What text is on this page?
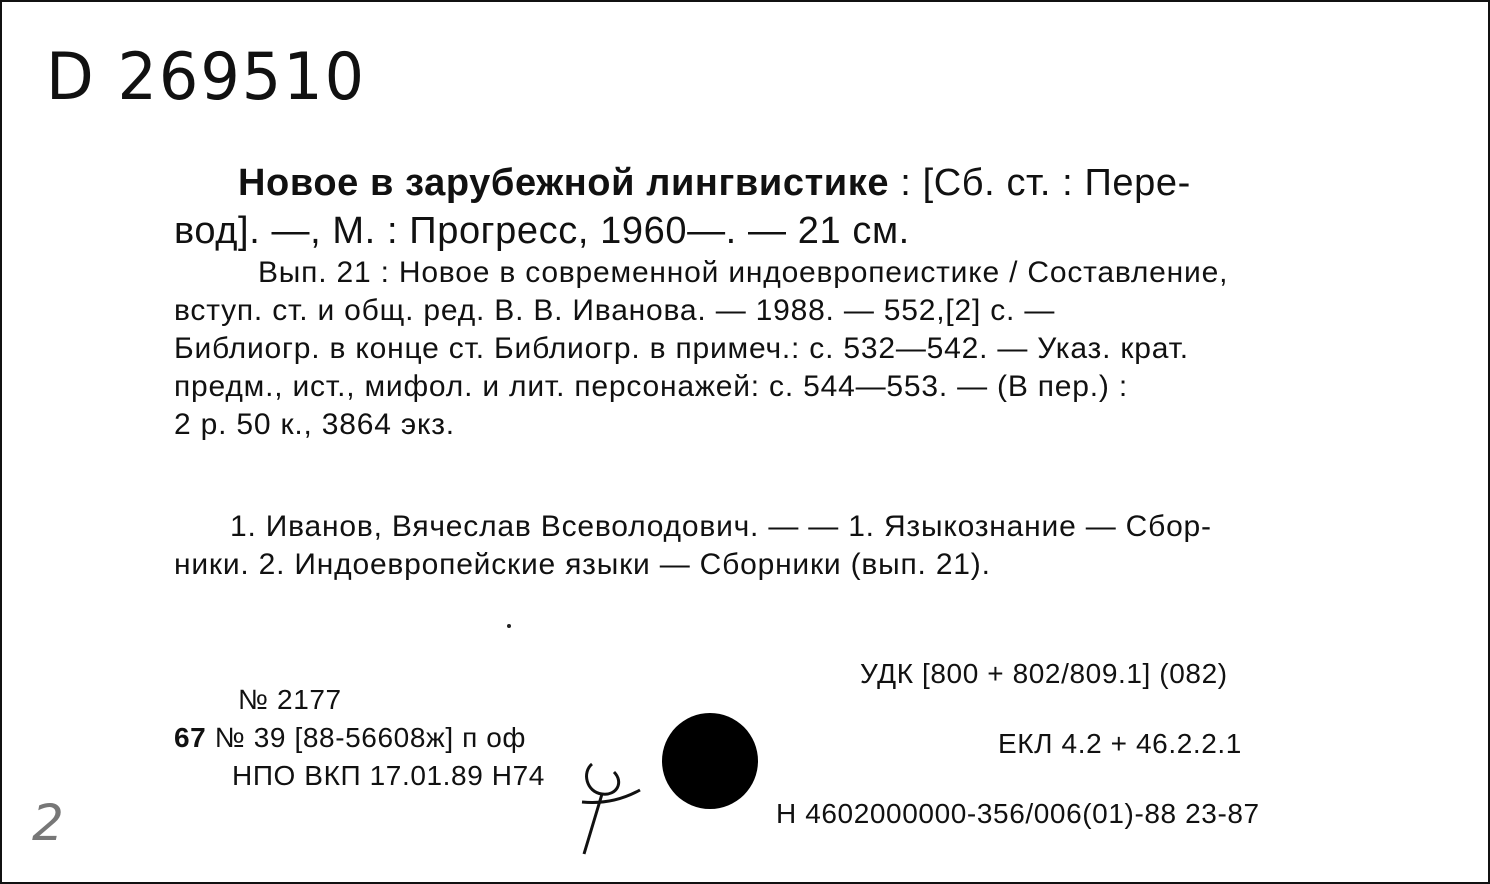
D 269510
Новое в зарубежной лингвистике : [Сб. ст. : Пере-
вод]. —, М. : Прогресс, 1960—. — 21 см.
Вып. 21 : Новое в современной индоевропеистике / Составление,
вступ. ст. и общ. ред. В. В. Иванова. — 1988. — 552,[2] с. —
Библиогр. в конце ст. Библиогр. в примеч.: с. 532—542. — Указ. крат.
предм., ист., мифол. и лит. персонажей: с. 544—553. — (В пер.) :
2 р. 50 к., 3864 экз.
1. Иванов, Вячеслав Всеволодович. — — 1. Языкознание — Сбор-
ники. 2. Индоевропейские языки — Сборники (вып. 21).
№ 2177
67 № 39 [88-56608ж] п оф
НПО ВКП 17.01.89 Н74
УДК [800 + 802/809.1] (082)
ЕКЛ 4.2 + 46.2.2.1
Н 4602000000-356/006(01)-88 23-87
2
